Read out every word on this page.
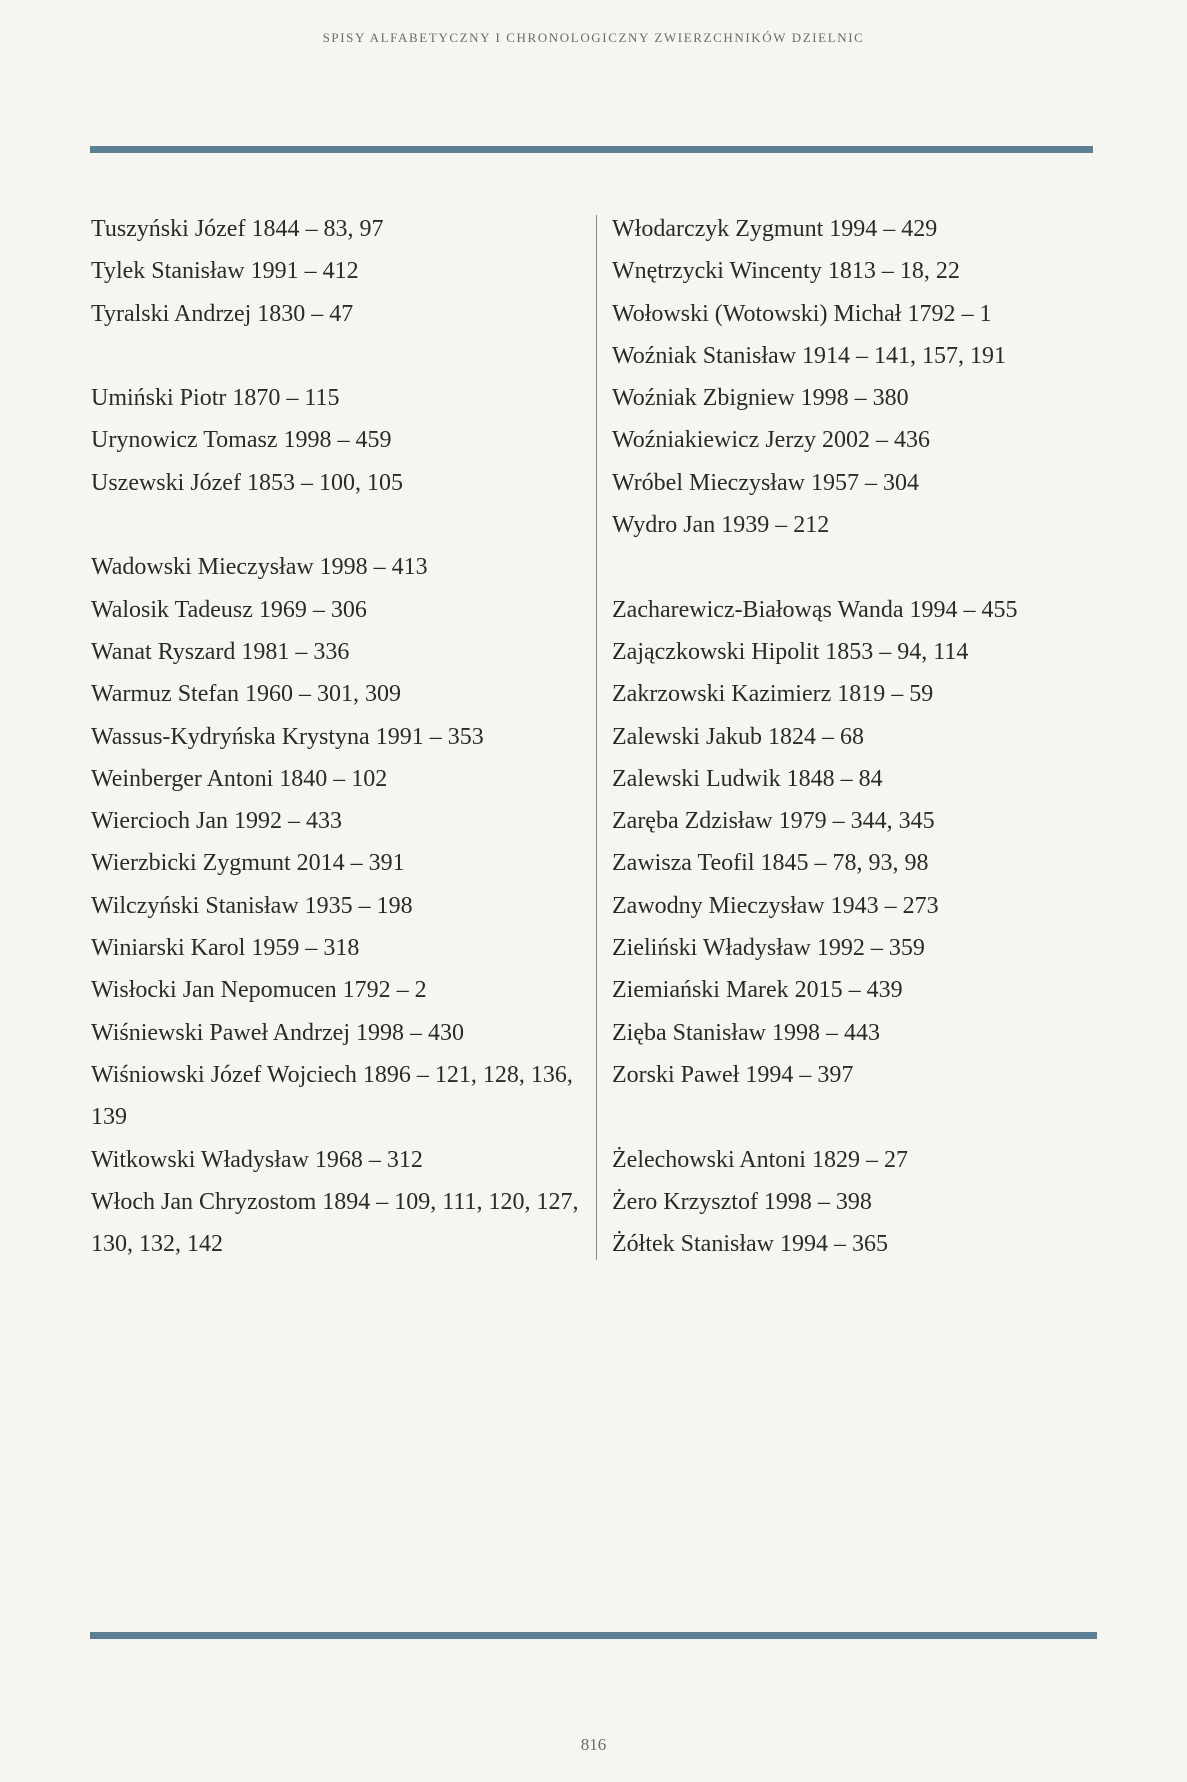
SPISY ALFABETYCZNY I CHRONOLOGICZNY ZWIERZCHNIKÓW DZIELNIC

Tuszyński Józef 1844 – 83, 97

Tylek Stanisław 1991 – 412

Tyralski Andrzej 1830 – 47

Umiński Piotr 1870 – 115

Urynowicz Tomasz 1998 – 459

Uszewski Józef 1853 – 100, 105

Wadowski Mieczysław 1998 – 413

Walosik Tadeusz 1969 – 306

Wanat Ryszard 1981 – 336

Warmuz Stefan 1960 – 301, 309

Wassus-Kydryńska Krystyna 1991 – 353

Weinberger Antoni 1840 – 102

Wiercioch Jan 1992 – 433

Wierzbicki Zygmunt 2014 – 391

Wilczyński Stanisław 1935 – 198

Winiarski Karol 1959 – 318

Wisłocki Jan Nepomucen 1792 – 2

Wiśniewski Paweł Andrzej 1998 – 430

Wiśniowski Józef Wojciech 1896 – 121, 128, 136, 139

Witkowski Władysław 1968 – 312

Włoch Jan Chryzostom 1894 – 109, 111, 120, 127, 130, 132, 142

Włodarczyk Zygmunt 1994 – 429

Wnętrzycki Wincenty 1813 – 18, 22

Wołowski (Wotowski) Michał 1792 – 1

Woźniak Stanisław 1914 – 141, 157, 191

Woźniak Zbigniew 1998 – 380

Woźniakiewicz Jerzy 2002 – 436

Wróbel Mieczysław 1957 – 304

Wydro Jan 1939 – 212

Zacharewicz-Białowąs Wanda 1994 – 455

Zajączkowski Hipolit 1853 – 94, 114

Zakrzowski Kazimierz 1819 – 59

Zalewski Jakub 1824 – 68

Zalewski Ludwik 1848 – 84

Zaręba Zdzisław 1979 – 344, 345

Zawisza Teofil 1845 – 78, 93, 98

Zawodny Mieczysław 1943 – 273

Zieliński Władysław 1992 – 359

Ziemiański Marek 2015 – 439

Zięba Stanisław 1998 – 443

Zorski Paweł 1994 – 397

Żelechowski Antoni 1829 – 27

Żero Krzysztof 1998 – 398

Żółtek Stanisław 1994 – 365

816
